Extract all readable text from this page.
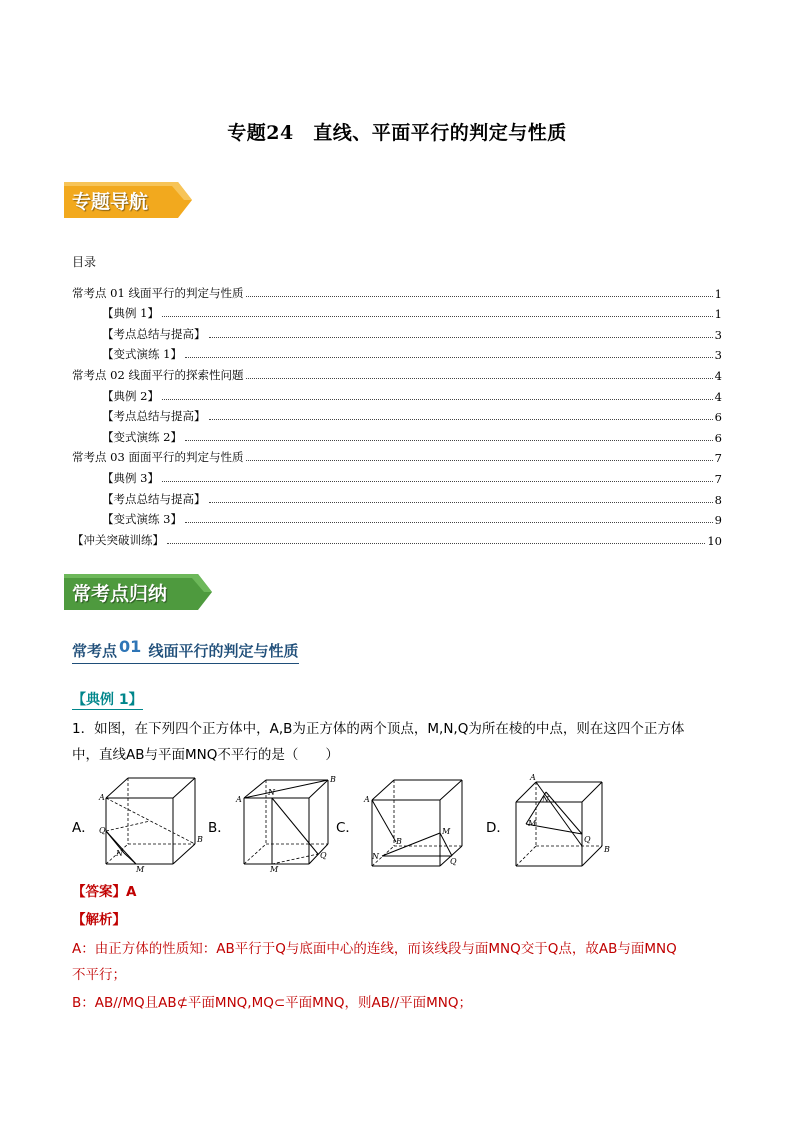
专题24　直线、平面平行的判定与性质
专题导航
目录
常考点 01 线面平行的判定与性质	1
【典例 1】	1
【考点总结与提高】	3
【变式演练 1】	3
常考点 02 线面平行的探索性问题	4
【典例 2】	4
【考点总结与提高】	6
【变式演练 2】	6
常考点 03 面面平行的判定与性质	7
【典例 3】	7
【考点总结与提高】	8
【变式演练 3】	9
【冲关突破训练】	10
常考点归纳
常考点 01 线面平行的判定与性质
【典例 1】
1．如图，在下列四个正方体中，A,B为正方体的两个顶点，M,N,Q为所在棱的中点，则在这四个正方体
中，直线AB与平面MNQ不平行的是（　　）
A．	B．	C．	D．
A
B
Q
N
M
A
B
N
Q
M
A
B
M
N
Q
A
B
N
M
Q
【答案】A
【解析】
A：由正方体的性质知：AB平行于Q与底面中心的连线，而该线段与面MNQ交于Q点，故AB与面MNQ
不平行；
B：AB//MQ且AB⊄平面MNQ,MQ⊂平面MNQ，则AB//平面MNQ；
